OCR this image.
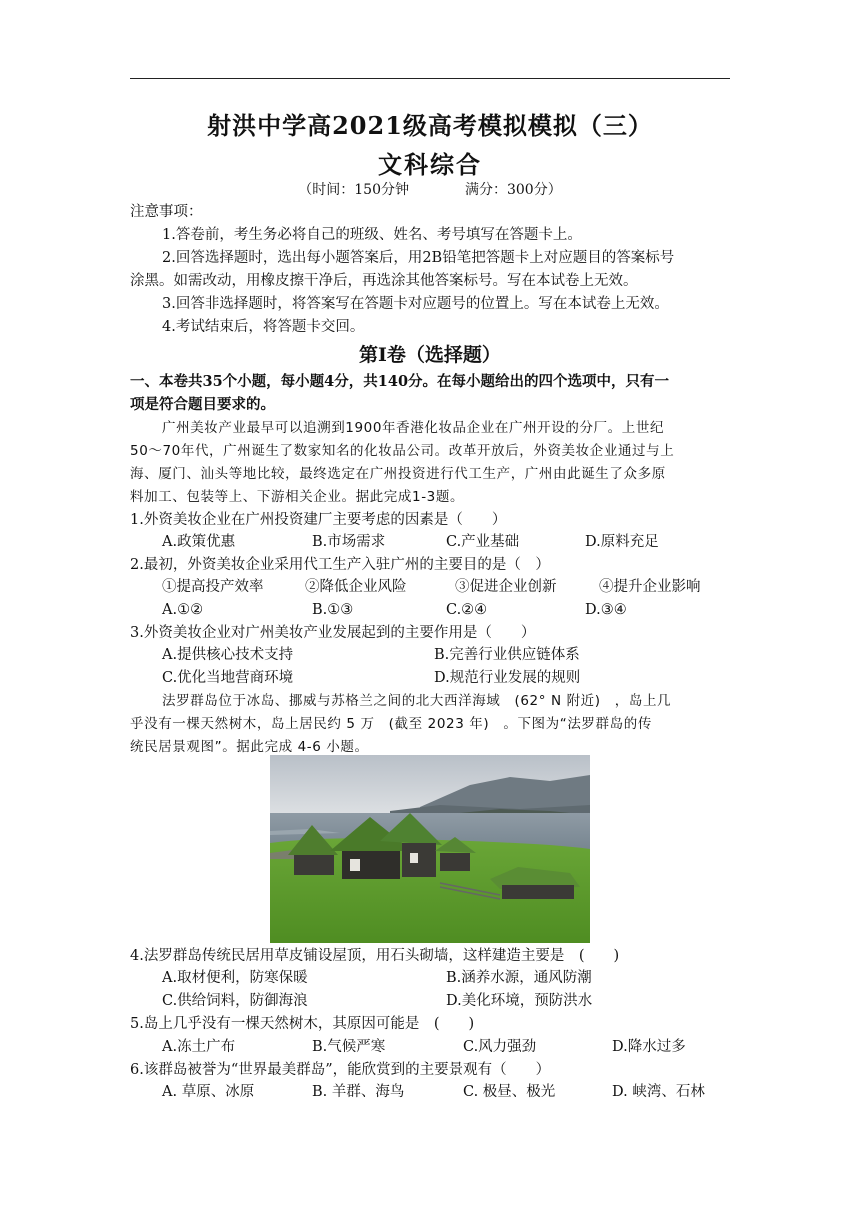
射洪中学高2021级高考模拟模拟（三）
文科综合
（时间：150分钟　　　　满分：300分）
注意事项：
1.答卷前，考生务必将自己的班级、姓名、考号填写在答题卡上。
2.回答选择题时，选出每小题答案后，用2B铅笔把答题卡上对应题目的答案标号
涂黑。如需改动，用橡皮擦干净后，再选涂其他答案标号。写在本试卷上无效。
3.回答非选择题时，将答案写在答题卡对应题号的位置上。写在本试卷上无效。
4.考试结束后，将答题卡交回。
第Ⅰ卷（选择题）
一、本卷共35个小题，每小题4分，共140分。在每小题给出的四个选项中，只有一
项是符合题目要求的。
广州美妆产业最早可以追溯到1900年香港化妆品企业在广州开设的分厂。上世纪
50～70年代，广州诞生了数家知名的化妆品公司。改革开放后，外资美妆企业通过与上
海、厦门、汕头等地比较，最终选定在广州投资进行代工生产，广州由此诞生了众多原
料加工、包装等上、下游相关企业。据此完成1-3题。
1.外资美妆企业在广州投资建厂主要考虑的因素是（　　）
A.政策优惠	B.市场需求	C.产业基础	D.原料充足
2.最初，外资美妆企业采用代工生产入驻广州的主要目的是（　）
①提高投产效率	②降低企业风险	③促进企业创新	④提升企业影响
A.①②	B.①③	C.②④	D.③④
3.外资美妆企业对广州美妆产业发展起到的主要作用是（　　）
A.提供核心技术支持	B.完善行业供应链体系
C.优化当地营商环境	D.规范行业发展的规则
法罗群岛位于冰岛、挪威与苏格兰之间的北大西洋海域　(62° N 附近)　，岛上几
乎没有一棵天然树木，岛上居民约 5 万　(截至 2023 年)　。下图为“法罗群岛的传
统民居景观图”。据此完成 4-6 小题。
4.法罗群岛传统民居用草皮铺设屋顶，用石头砌墙，这样建造主要是　(　　)
A.取材便利，防寒保暖	B.涵养水源，通风防潮
C.供给饲料，防御海浪	D.美化环境，预防洪水
5.岛上几乎没有一棵天然树木，其原因可能是　(　　)
A.冻土广布	B.气候严寒	C.风力强劲	D.降水过多
6.该群岛被誉为“世界最美群岛”，能欣赏到的主要景观有（　　）
A. 草原、冰原	B. 羊群、海鸟	C. 极昼、极光	D. 峡湾、石林
